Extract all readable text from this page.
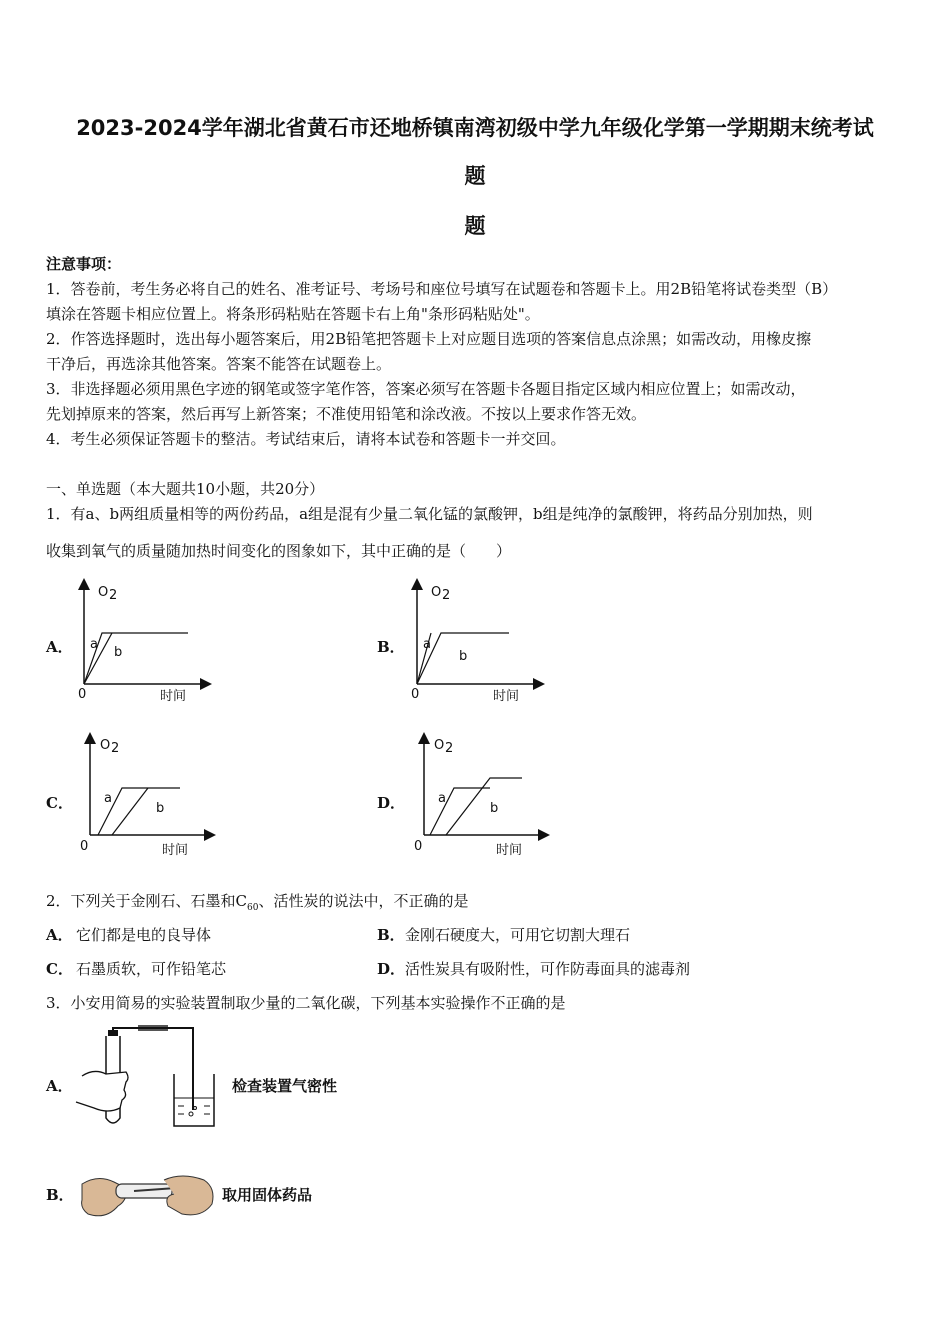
2023-2024学年湖北省黄石市还地桥镇南湾初级中学九年级化学第一学期期末统考试
题
题
注意事项：
1．答卷前，考生务必将自己的姓名、准考证号、考场号和座位号填写在试题卷和答题卡上。用2B铅笔将试卷类型（B）
填涂在答题卡相应位置上。将条形码粘贴在答题卡右上角"条形码粘贴处"。
2．作答选择题时，选出每小题答案后，用2B铅笔把答题卡上对应题目选项的答案信息点涂黑；如需改动，用橡皮擦
干净后，再选涂其他答案。答案不能答在试题卷上。
3．非选择题必须用黑色字迹的钢笔或签字笔作答，答案必须写在答题卡各题目指定区域内相应位置上；如需改动，
先划掉原来的答案，然后再写上新答案；不准使用铅笔和涂改液。不按以上要求作答无效。
4．考生必须保证答题卡的整洁。考试结束后，请将本试卷和答题卡一并交回。
一、单选题（本大题共10小题，共20分）
1．有a、b两组质量相等的两份药品，a组是混有少量二氧化锰的氯酸钾，b组是纯净的氯酸钾，将药品分别加热，则
收集到氧气的质量随加热时间变化的图象如下，其中正确的是（　　）
A．
O 2
0	时间
a
b	B．
O 2
0	时间
a
b
C．
O 2
0	时间
a
b	D．
O 2
0	时间
a
b
2．下列关于金刚石、石墨和$C_{60}$、活性炭的说法中，不正确的是
A． 它们都是电的良导体	B． 金刚石硬度大，可用它切割大理石
C． 石墨质软，可作铅笔芯	D． 活性炭具有吸附性，可作防毒面具的滤毒剂
3．小安用简易的实验装置制取少量的二氧化碳，下列基本实验操作不正确的是
A．	检查装置气密性
B．	取用固体药品
